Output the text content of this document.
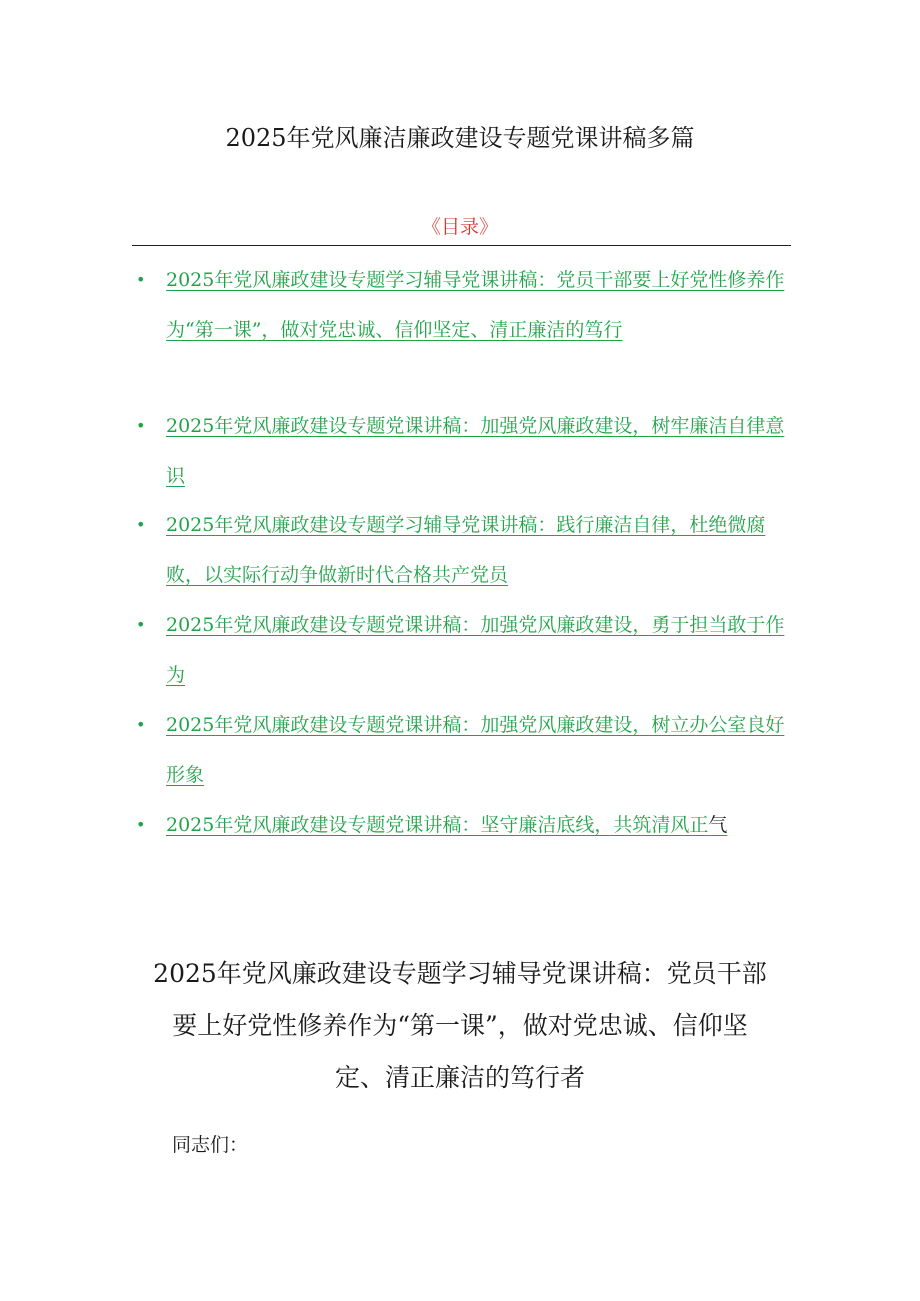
2025年党风廉洁廉政建设专题党课讲稿多篇
《目录》
• 2025年党风廉政建设专题学习辅导党课讲稿：党员干部要上好党性修养作为“第一课”，做对党忠诚、信仰坚定、清正廉洁的笃行
• 2025年党风廉政建设专题党课讲稿：加强党风廉政建设，树牢廉洁自律意识
• 2025年党风廉政建设专题学习辅导党课讲稿：践行廉洁自律，杜绝微腐败，以实际行动争做新时代合格共产党员
• 2025年党风廉政建设专题党课讲稿：加强党风廉政建设，勇于担当敢于作为
• 2025年党风廉政建设专题党课讲稿：加强党风廉政建设，树立办公室良好形象
• 2025年党风廉政建设专题党课讲稿：坚守廉洁底线，共筑清风正气
2025年党风廉政建设专题学习辅导党课讲稿：党员干部要上好党性修养作为“第一课”，做对党忠诚、信仰坚定、清正廉洁的笃行者
同志们：
